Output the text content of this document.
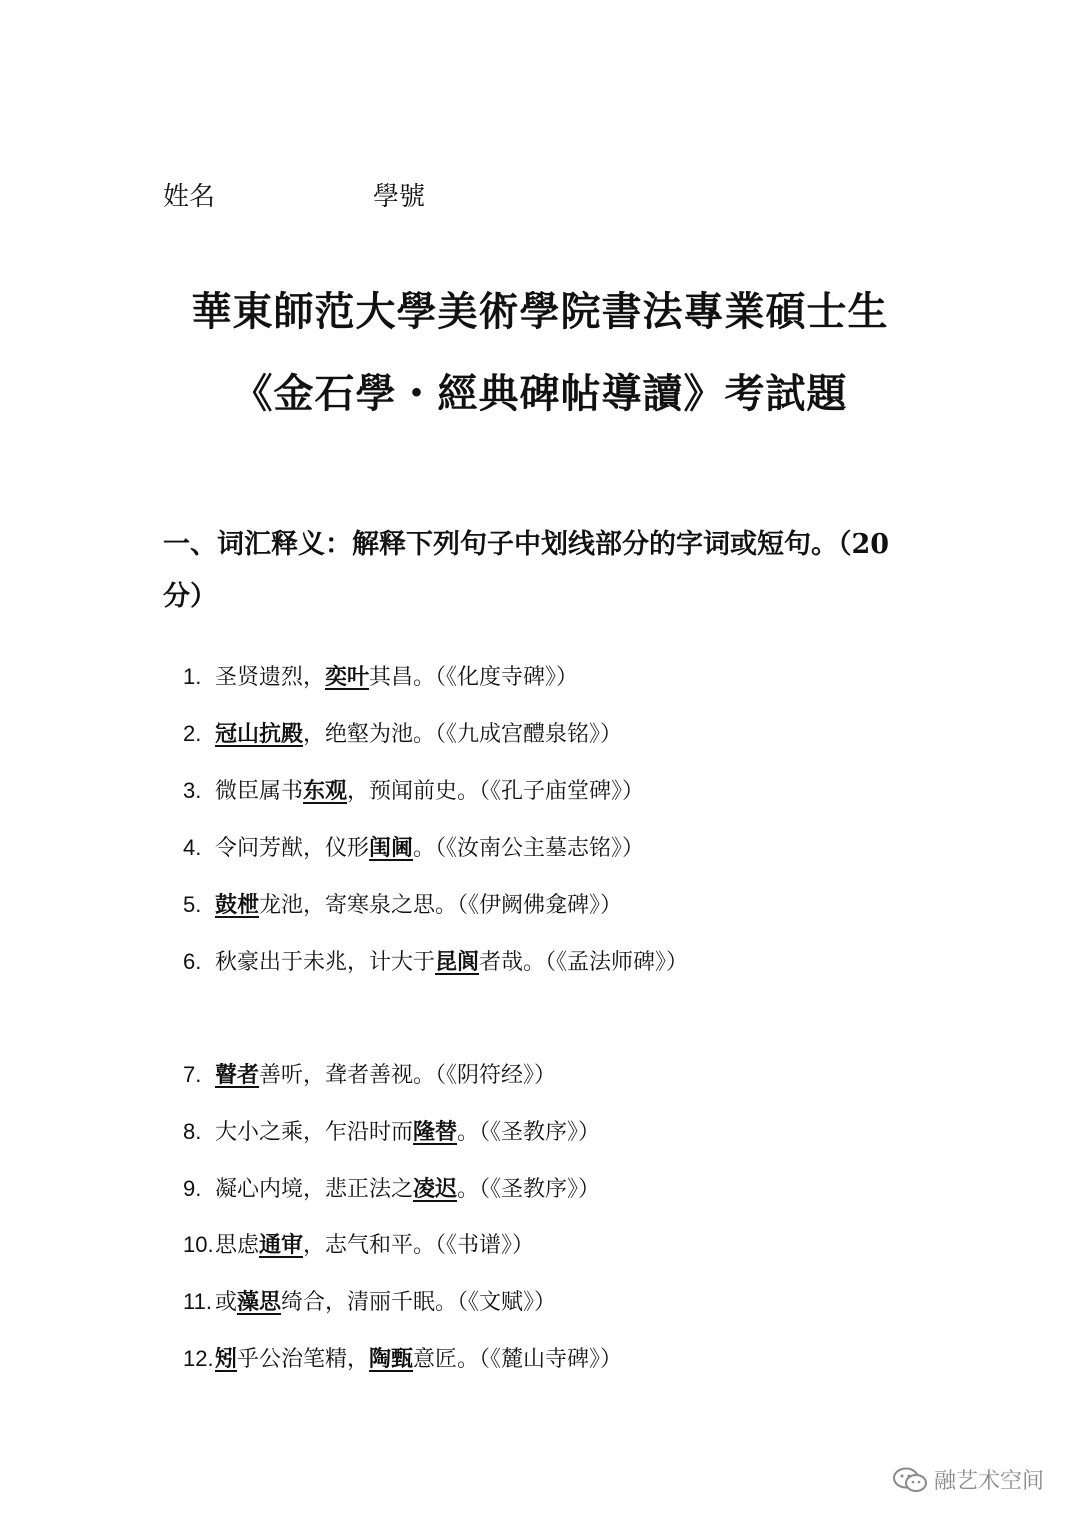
姓名	學號
華東師范大學美術學院書法專業碩士生
《金石學・經典碑帖導讀》考試題
一、词汇释义：解释下列句子中划线部分的字词或短句。（20
分）
1. 圣贤遗烈，奕叶其昌。（《化度寺碑》）
2. 冠山抗殿，绝壑为池。（《九成宫醴泉铭》）
3. 微臣属书东观，预闻前史。（《孔子庙堂碑》）
4. 令问芳猷，仪形闺阃。（《汝南公主墓志铭》）
5. 鼓枻龙池，寄寒泉之思。（《伊阙佛龛碑》）
6. 秋豪出于未兆，计大于昆阆者哉。（《孟法师碑》）
7. 瞽者善听，聋者善视。（《阴符经》）
8. 大小之乘，乍沿时而隆替。（《圣教序》）
9. 凝心内境，悲正法之凌迟。（《圣教序》）
10.思虑通审，志气和平。（《书谱》）
11. 或藻思绮合，清丽千眠。（《文赋》）
12.矧乎公治笔精，陶甄意匠。（《麓山寺碑》）
融艺术空间
